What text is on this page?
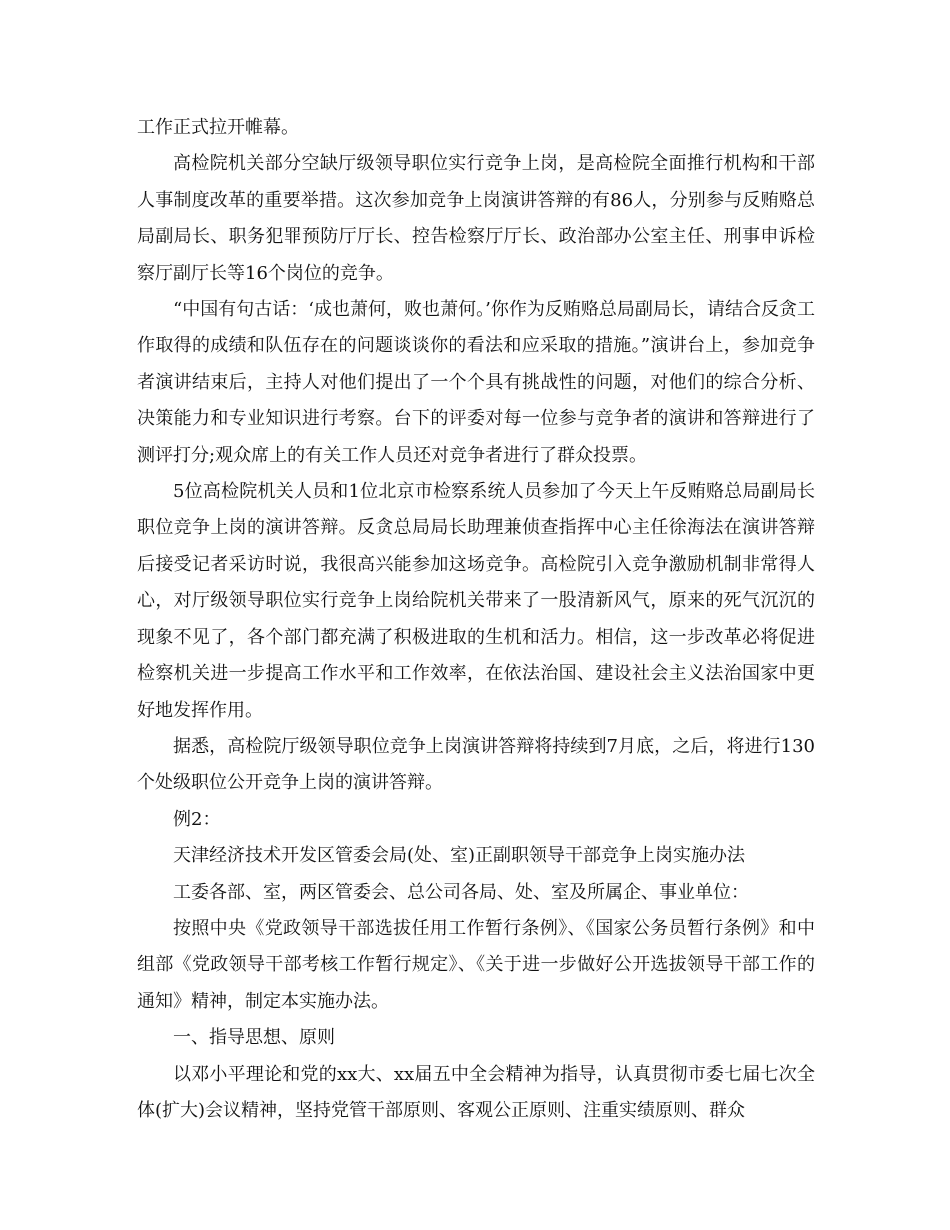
工作正式拉开帷幕。

高检院机关部分空缺厅级领导职位实行竞争上岗，是高检院全面推行机构和干部人事制度改革的重要举措。这次参加竞争上岗演讲答辩的有86人，分别参与反贿赂总局副局长、职务犯罪预防厅厅长、控告检察厅厅长、政治部办公室主任、刑事申诉检察厅副厅长等16个岗位的竞争。

“中国有句古话：‘成也萧何，败也萧何。’你作为反贿赂总局副局长，请结合反贪工作取得的成绩和队伍存在的问题谈谈你的看法和应采取的措施。”演讲台上，参加竞争者演讲结束后，主持人对他们提出了一个个具有挑战性的问题，对他们的综合分析、决策能力和专业知识进行考察。台下的评委对每一位参与竞争者的演讲和答辩进行了测评打分;观众席上的有关工作人员还对竞争者进行了群众投票。

5位高检院机关人员和1位北京市检察系统人员参加了今天上午反贿赂总局副局长职位竞争上岗的演讲答辩。反贪总局局长助理兼侦查指挥中心主任徐海法在演讲答辩后接受记者采访时说，我很高兴能参加这场竞争。高检院引入竞争激励机制非常得人心，对厅级领导职位实行竞争上岗给院机关带来了一股清新风气，原来的死气沉沉的现象不见了，各个部门都充满了积极进取的生机和活力。相信，这一步改革必将促进检察机关进一步提高工作水平和工作效率，在依法治国、建设社会主义法治国家中更好地发挥作用。

据悉，高检院厅级领导职位竞争上岗演讲答辩将持续到7月底，之后，将进行130个处级职位公开竞争上岗的演讲答辩。

例2：

天津经济技术开发区管委会局(处、室)正副职领导干部竞争上岗实施办法

工委各部、室，两区管委会、总公司各局、处、室及所属企、事业单位：

按照中央《党政领导干部选拔任用工作暂行条例》、《国家公务员暂行条例》和中组部《党政领导干部考核工作暂行规定》、《关于进一步做好公开选拔领导干部工作的通知》精神，制定本实施办法。

一、指导思想、原则

以邓小平理论和党的xx大、xx届五中全会精神为指导，认真贯彻市委七届七次全体(扩大)会议精神，坚持党管干部原则、客观公正原则、注重实绩原则、群众
